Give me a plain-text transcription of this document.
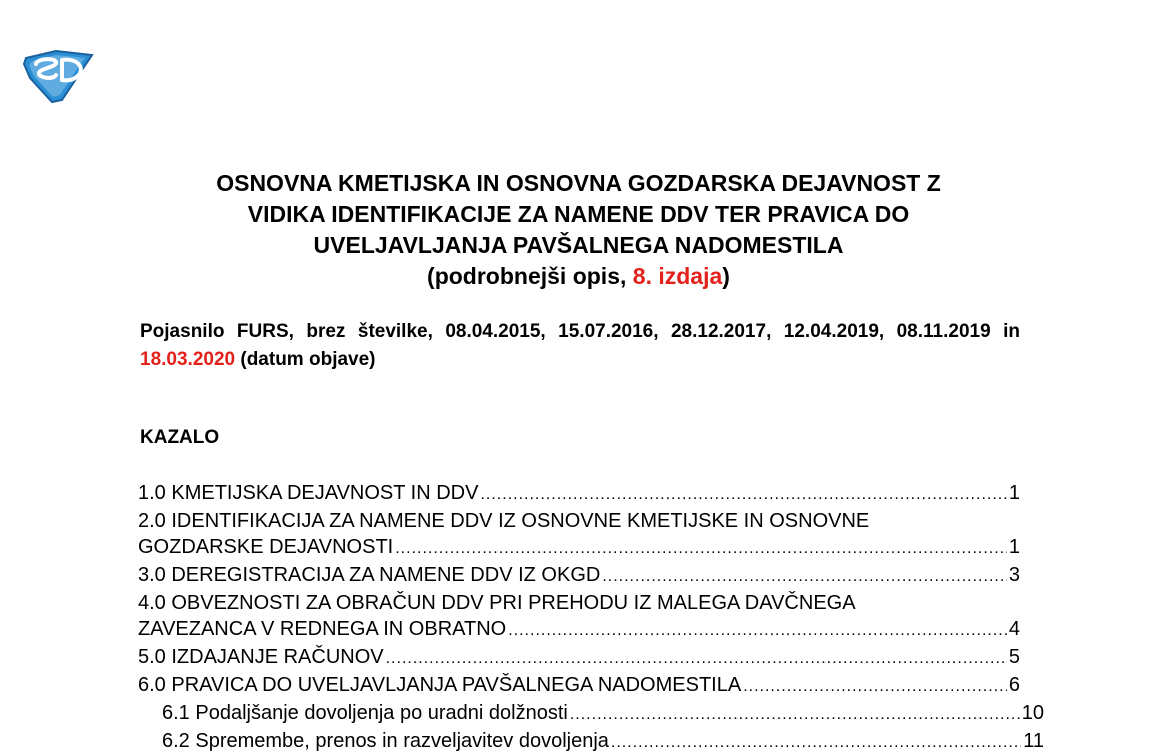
OSNOVNA KMETIJSKA IN OSNOVNA GOZDARSKA DEJAVNOST Z
VIDIKA IDENTIFIKACIJE ZA NAMENE DDV TER PRAVICA DO
UVELJAVLJANJA PAVŠALNEGA NADOMESTILA
(podrobnejši opis, 8. izdaja)
Pojasnilo FURS, brez številke, 08.04.2015, 15.07.2016, 28.12.2017, 12.04.2019, 08.11.2019 in 18.03.2020 (datum objave)
KAZALO
1.0 KMETIJSKA DEJAVNOST IN DDV .....	1
2.0 IDENTIFIKACIJA ZA NAMENE DDV IZ OSNOVNE KMETIJSKE IN OSNOVNE
GOZDARSKE DEJAVNOSTI .....	1
3.0 DEREGISTRACIJA ZA NAMENE DDV IZ OKGD .....	3
4.0 OBVEZNOSTI ZA OBRAČUN DDV PRI PREHODU IZ MALEGA DAVČNEGA
ZAVEZANCA V REDNEGA IN OBRATNO .....	4
5.0 IZDAJANJE RAČUNOV .....	5
6.0 PRAVICA DO UVELJAVLJANJA PAVŠALNEGA NADOMESTILA .....	6
6.1 Podaljšanje dovoljenja po uradni dolžnosti .....	10
6.2 Spremembe, prenos in razveljavitev dovoljenja .....	11
